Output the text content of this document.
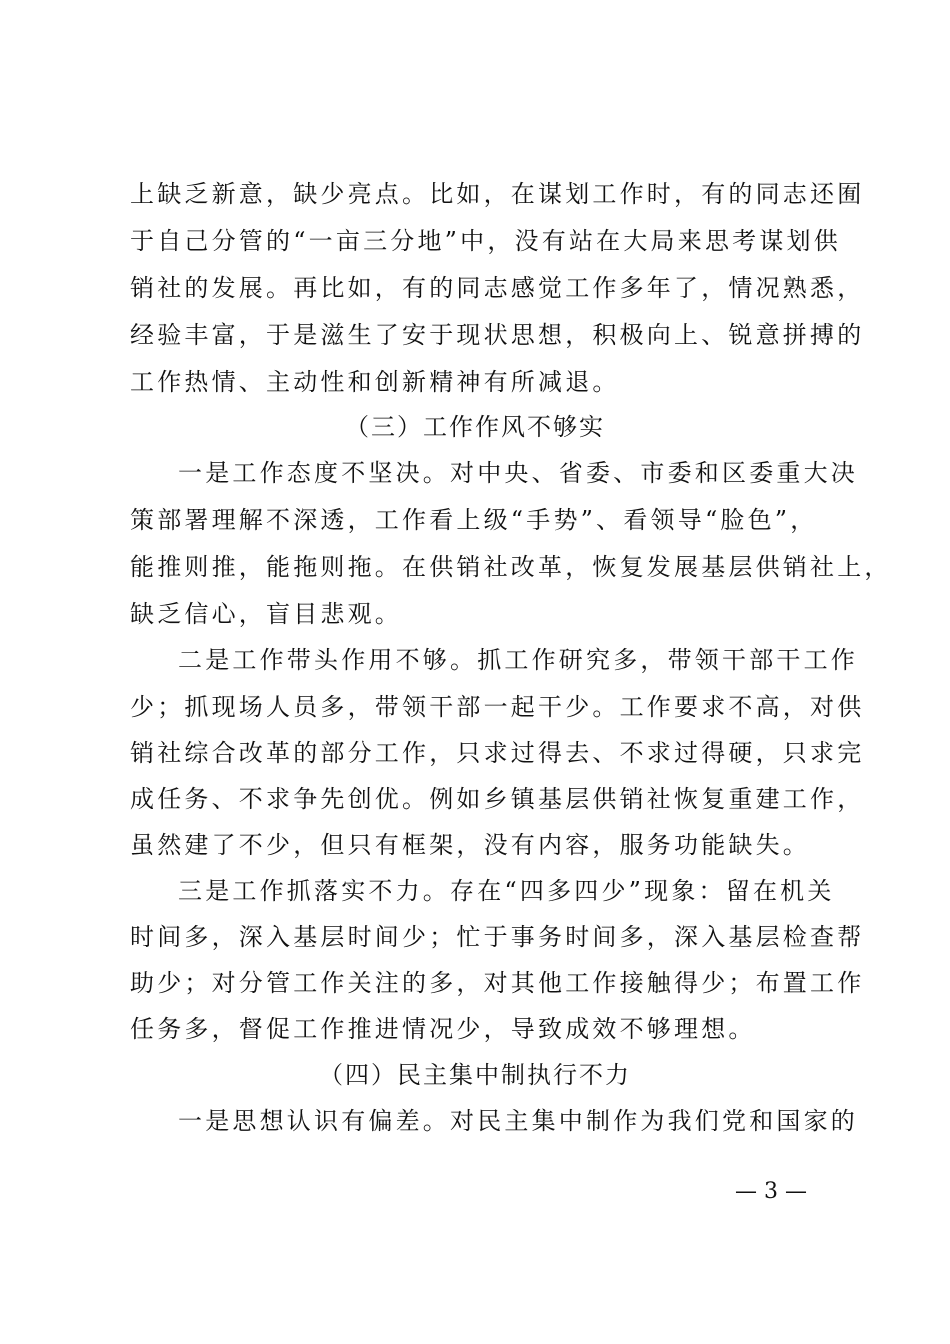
上缺乏新意，缺少亮点。比如，在谋划工作时，有的同志还囿
于自己分管的“一亩三分地”中，没有站在大局来思考谋划供
销社的发展。再比如，有的同志感觉工作多年了，情况熟悉，
经验丰富，于是滋生了安于现状思想，积极向上、锐意拼搏的
工作热情、主动性和创新精神有所减退。
（三）工作作风不够实
一是工作态度不坚决。对中央、省委、市委和区委重大决
策部署理解不深透，工作看上级“手势”、看领导“脸色”，
能推则推，能拖则拖。在供销社改革，恢复发展基层供销社上，
缺乏信心，盲目悲观。
二是工作带头作用不够。抓工作研究多，带领干部干工作
少；抓现场人员多，带领干部一起干少。工作要求不高，对供
销社综合改革的部分工作，只求过得去、不求过得硬，只求完
成任务、不求争先创优。例如乡镇基层供销社恢复重建工作，
虽然建了不少，但只有框架，没有内容，服务功能缺失。
三是工作抓落实不力。存在“四多四少”现象：留在机关
时间多，深入基层时间少；忙于事务时间多，深入基层检查帮
助少；对分管工作关注的多，对其他工作接触得少；布置工作
任务多，督促工作推进情况少，导致成效不够理想。
（四）民主集中制执行不力
一是思想认识有偏差。对民主集中制作为我们党和国家的
— 3 —
